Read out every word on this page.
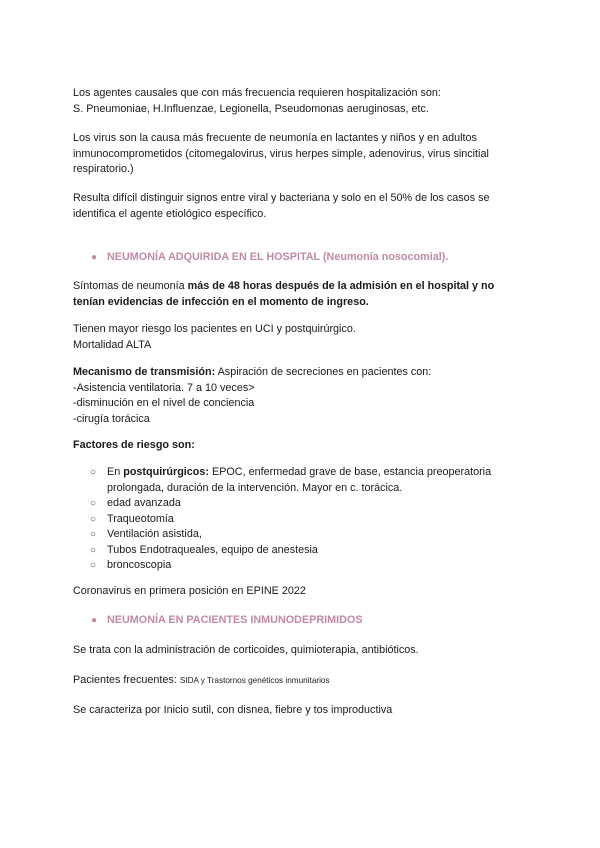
Los agentes causales que con más frecuencia requieren hospitalización son:
S. Pneumoniae, H.Influenzae, Legionella, Pseudomonas aeruginosas, etc.
Los virus son la causa más frecuente de neumonía en lactantes y niños y en adultos
inmunocomprometidos (citomegalovirus, virus herpes simple, adenovirus, virus sincitial
respiratorio.)
Resulta difícil distinguir signos entre viral y bacteriana y solo en el 50% de los casos se
identifica el agente etiológico específico.
● NEUMONÍA ADQUIRIDA EN EL HOSPITAL (Neumonía nosocomial).
Síntomas de neumonía más de 48 horas después de la admisión en el hospital y no
tenían evidencias de infección en el momento de ingreso.
Tienen mayor riesgo los pacientes en UCI y postquirúrgico.
Mortalidad ALTA
Mecanismo de transmisión: Aspiración de secreciones en pacientes con:
-Asistencia ventilatoria. 7 a 10 veces>
-disminución en el nivel de conciencia
-cirugía torácica
Factores de riesgo son:
○ En postquirúrgicos: EPOC, enfermedad grave de base, estancia preoperatoria
prolongada, duración de la intervención. Mayor en c. torácica.
○ edad avanzada
○ Traqueotomía
○ Ventilación asistida,
○ Tubos Endotraqueales, equipo de anestesia
○ broncoscopia
Coronavirus en primera posición en EPINE 2022
● NEUMONÍA EN PACIENTES INMUNODEPRIMIDOS
Se trata con la administración de corticoides, quimioterapia, antibióticos.
Pacientes frecuentes: SIDA y Trastornos genéticos inmunitarios
Se caracteriza por Inicio sutil, con disnea, fiebre y tos improductiva
